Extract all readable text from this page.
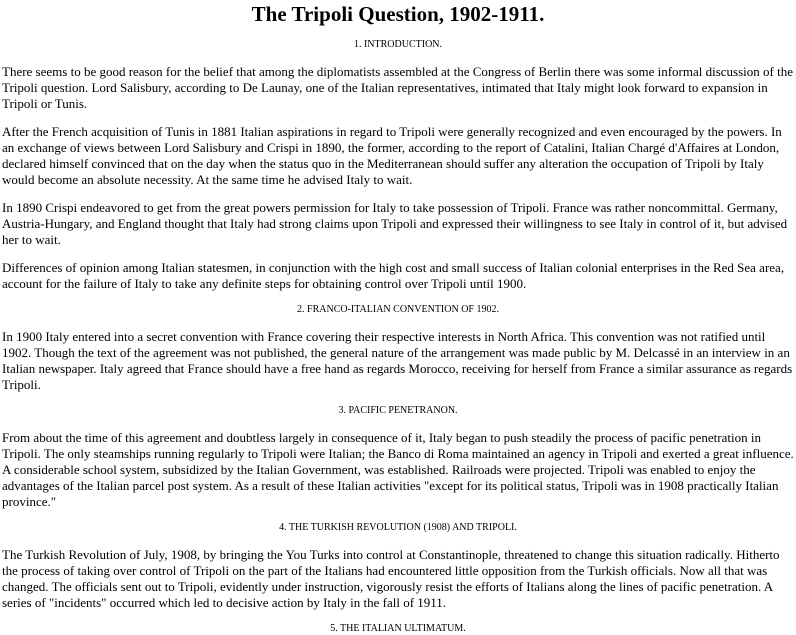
The Tripoli Question, 1902-1911.
1. INTRODUCTION.

There seems to be good reason for the belief that among the diplomatists assembled at the Congress of Berlin there was some informal discussion of the Tripoli question. Lord Salisbury, according to De Launay, one of the Italian representatives, intimated that Italy might look forward to expansion in Tripoli or Tunis.

After the French acquisition of Tunis in 1881 Italian aspirations in regard to Tripoli were generally recognized and even encouraged by the powers. In an exchange of views between Lord Salisbury and Crispi in 1890, the former, according to the report of Catalini, Italian Chargé d'Affaires at London, declared himself convinced that on the day when the status quo in the Mediterranean should suffer any alteration the occupation of Tripoli by Italy would become an absolute necessity. At the same time he advised Italy to wait.

In 1890 Crispi endeavored to get from the great powers permission for Italy to take possession of Tripoli. France was rather noncommittal. Germany, Austria-Hungary, and England thought that Italy had strong claims upon Tripoli and expressed their willingness to see Italy in control of it, but advised her to wait.

Differences of opinion among Italian statesmen, in conjunction with the high cost and small success of Italian colonial enterprises in the Red Sea area, account for the failure of Italy to take any definite steps for obtaining control over Tripoli until 1900.

2. FRANCO-ITALIAN CONVENTION OF 1902.

In 1900 Italy entered into a secret convention with France covering their respective interests in North Africa. This convention was not ratified until 1902. Though the text of the agreement was not published, the general nature of the arrangement was made public by M. Delcassé in an interview in an Italian newspaper. Italy agreed that France should have a free hand as regards Morocco, receiving for herself from France a similar assurance as regards Tripoli.

3. PACIFIC PENETRANON.

From about the time of this agreement and doubtless largely in consequence of it, Italy began to push steadily the process of pacific penetration in Tripoli. The only steamships running regularly to Tripoli were Italian; the Banco di Roma maintained an agency in Tripoli and exerted a great influence. A considerable school system, subsidized by the Italian Government, was established. Railroads were projected. Tripoli was enabled to enjoy the advantages of the Italian parcel post system. As a result of these Italian activities "except for its political status, Tripoli was in 1908 practically Italian province."

4. THE TURKISH REVOLUTION (1908) AND TRIPOLI.

The Turkish Revolution of July, 1908, by bringing the You Turks into control at Constantinople, threatened to change this situation radically. Hitherto the process of taking over control of Tripoli on the part of the Italians had encountered little opposition from the Turkish officials. Now all that was changed. The officials sent out to Tripoli, evidently under instruction, vigorously resist the efforts of Italians along the lines of pacific penetration. A series of "incidents" occurred which led to decisive action by Italy in the fall of 1911.

5. THE ITALIAN ULTIMATUM.
